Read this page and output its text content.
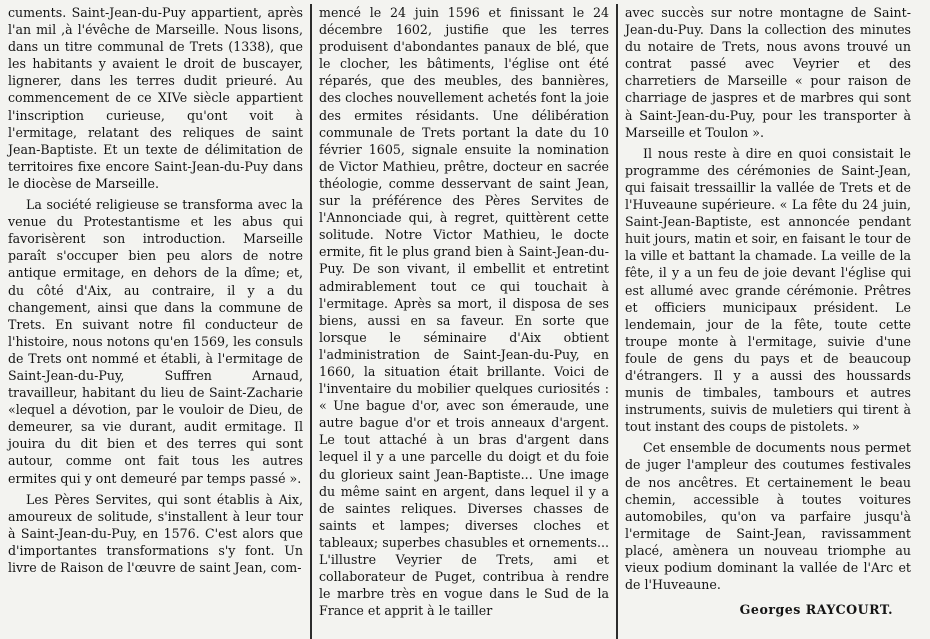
cuments. Saint-Jean-du-Puy appartient, après l'an mil ,à l'évêche de Marseille. Nous lisons, dans un titre communal de Trets (1338), que les habitants y avaient le droit de buscayer, lignerer, dans les terres dudit prieuré. Au commencement de ce XIVe siècle appartient l'inscription curieuse, qu'ont voit à l'ermitage, relatant des reliques de saint Jean-Baptiste. Et un texte de délimitation de territoires fixe encore Saint-Jean-du-Puy dans le diocèse de Marseille.

La société religieuse se transforma avec la venue du Protestantisme et les abus qui favorisèrent son introduction. Marseille paraît s'occuper bien peu alors de notre antique ermitage, en dehors de la dîme; et, du côté d'Aix, au contraire, il y a du changement, ainsi que dans la commune de Trets. En suivant notre fil conducteur de l'histoire, nous notons qu'en 1569, les consuls de Trets ont nommé et établi, à l'ermitage de Saint-Jean-du-Puy, Suffren Arnaud, travailleur, habitant du lieu de Saint-Zacharie «lequel a dévotion, par le vouloir de Dieu, de demeurer, sa vie durant, audit ermitage. Il jouira du dit bien et des terres qui sont autour, comme ont fait tous les autres ermites qui y ont demeuré par temps passé ».

Les Pères Servites, qui sont établis à Aix, amoureux de solitude, s'installent à leur tour à Saint-Jean-du-Puy, en 1576. C'est alors que d'importantes transformations s'y font. Un livre de Raison de l'œuvre de saint Jean, com-

mencé le 24 juin 1596 et finissant le 24 décembre 1602, justifie que les terres produisent d'abondantes panaux de blé, que le clocher, les bâtiments, l'église ont été réparés, que des meubles, des bannières, des cloches nouvellement achetés font la joie des ermites résidants. Une délibération communale de Trets portant la date du 10 février 1605, signale ensuite la nomination de Victor Mathieu, prêtre, docteur en sacrée théologie, comme desservant de saint Jean, sur la préférence des Pères Servites de l'Annonciade qui, à regret, quittèrent cette solitude. Notre Victor Mathieu, le docte ermite, fit le plus grand bien à Saint-Jean-du-Puy. De son vivant, il embellit et entretint admirablement tout ce qui touchait à l'ermitage. Après sa mort, il disposa de ses biens, aussi en sa faveur. En sorte que lorsque le séminaire d'Aix obtient l'administration de Saint-Jean-du-Puy, en 1660, la situation était brillante. Voici de l'inventaire du mobilier quelques curiosités : « Une bague d'or, avec son émeraude, une autre bague d'or et trois anneaux d'argent. Le tout attaché à un bras d'argent dans lequel il y a une parcelle du doigt et du foie du glorieux saint Jean-Baptiste... Une image du même saint en argent, dans lequel il y a de saintes reliques. Diverses chasses de saints et lampes; diverses cloches et tableaux; superbes chasubles et ornements... L'illustre Veyrier de Trets, ami et collaborateur de Puget, contribua à rendre le marbre très en vogue dans le Sud de la France et apprit à le tailler

avec succès sur notre montagne de Saint-Jean-du-Puy. Dans la collection des minutes du notaire de Trets, nous avons trouvé un contrat passé avec Veyrier et des charretiers de Marseille « pour raison de charriage de jaspres et de marbres qui sont à Saint-Jean-du-Puy, pour les transporter à Marseille et Toulon ».

Il nous reste à dire en quoi consistait le programme des cérémonies de Saint-Jean, qui faisait tressaillir la vallée de Trets et de l'Huveaune supérieure. « La fête du 24 juin, Saint-Jean-Baptiste, est annoncée pendant huit jours, matin et soir, en faisant le tour de la ville et battant la chamade. La veille de la fête, il y a un feu de joie devant l'église qui est allumé avec grande cérémonie. Prêtres et officiers municipaux président. Le lendemain, jour de la fête, toute cette troupe monte à l'ermitage, suivie d'une foule de gens du pays et de beaucoup d'étrangers. Il y a aussi des houssards munis de timbales, tambours et autres instruments, suivis de muletiers qui tirent à tout instant des coups de pistolets. »

Cet ensemble de documents nous permet de juger l'ampleur des coutumes festivales de nos ancêtres. Et certainement le beau chemin, accessible à toutes voitures automobiles, qu'on va parfaire jusqu'à l'ermitage de Saint-Jean, ravissamment placé, amènera un nouveau triomphe au vieux podium dominant la vallée de l'Arc et de l'Huveaune.

Georges RAYCOURT.
